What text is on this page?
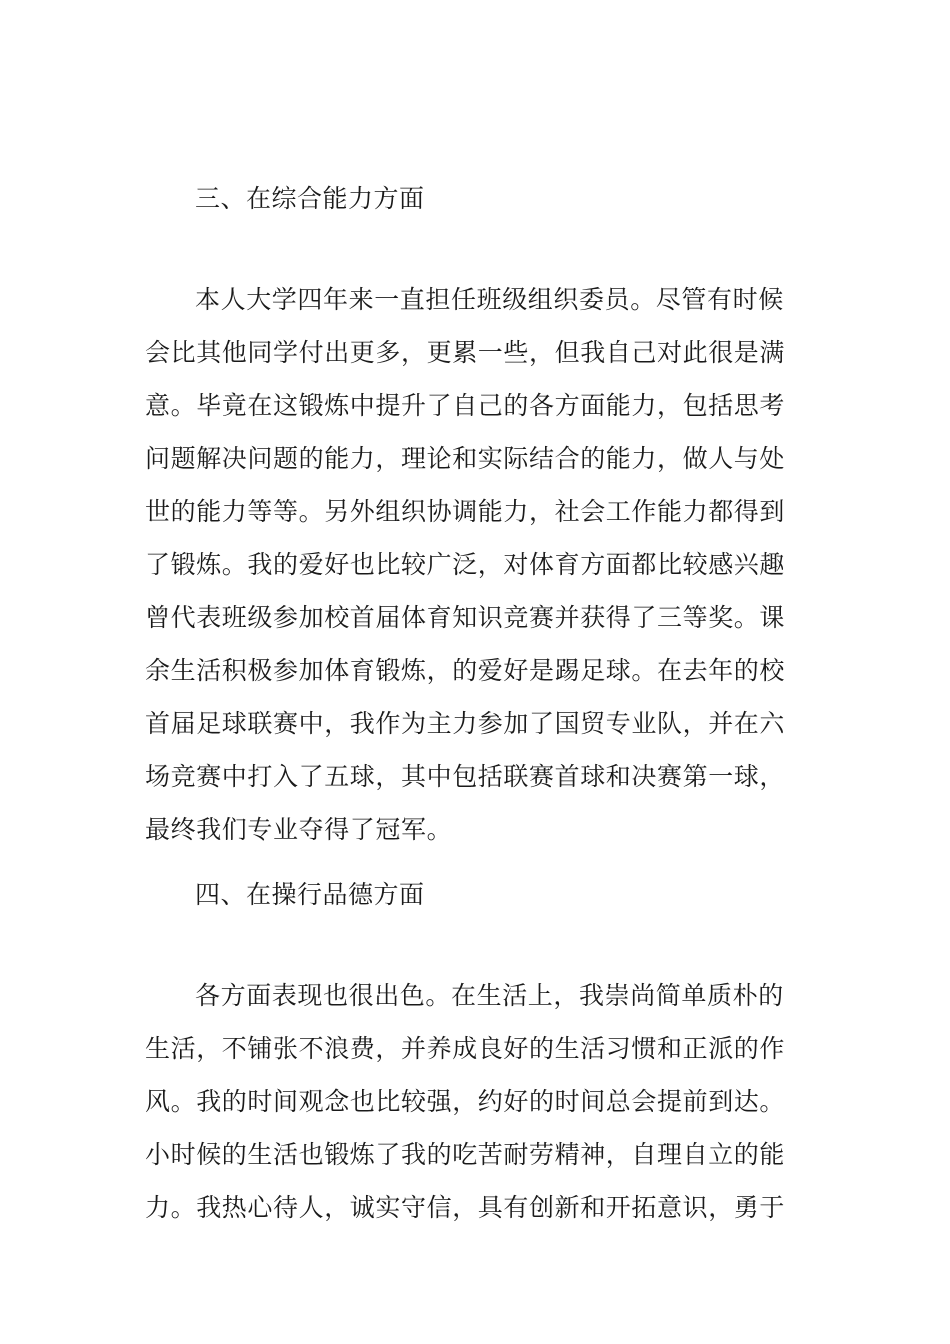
三、在综合能力方面
本人大学四年来一直担任班级组织委员。尽管有时候
会比其他同学付出更多，更累一些，但我自己对此很是满
意。毕竟在这锻炼中提升了自己的各方面能力，包括思考
问题解决问题的能力，理论和实际结合的能力，做人与处
世的能力等等。另外组织协调能力，社会工作能力都得到
了锻炼。我的爱好也比较广泛，对体育方面都比较感兴趣
曾代表班级参加校首届体育知识竞赛并获得了三等奖。课
余生活积极参加体育锻炼，的爱好是踢足球。在去年的校
首届足球联赛中，我作为主力参加了国贸专业队，并在六
场竞赛中打入了五球，其中包括联赛首球和决赛第一球，
最终我们专业夺得了冠军。
四、在操行品德方面
各方面表现也很出色。在生活上，我崇尚简单质朴的
生活，不铺张不浪费，并养成良好的生活习惯和正派的作
风。我的时间观念也比较强，约好的时间总会提前到达。
小时候的生活也锻炼了我的吃苦耐劳精神，自理自立的能
力。我热心待人，诚实守信，具有创新和开拓意识，勇于
